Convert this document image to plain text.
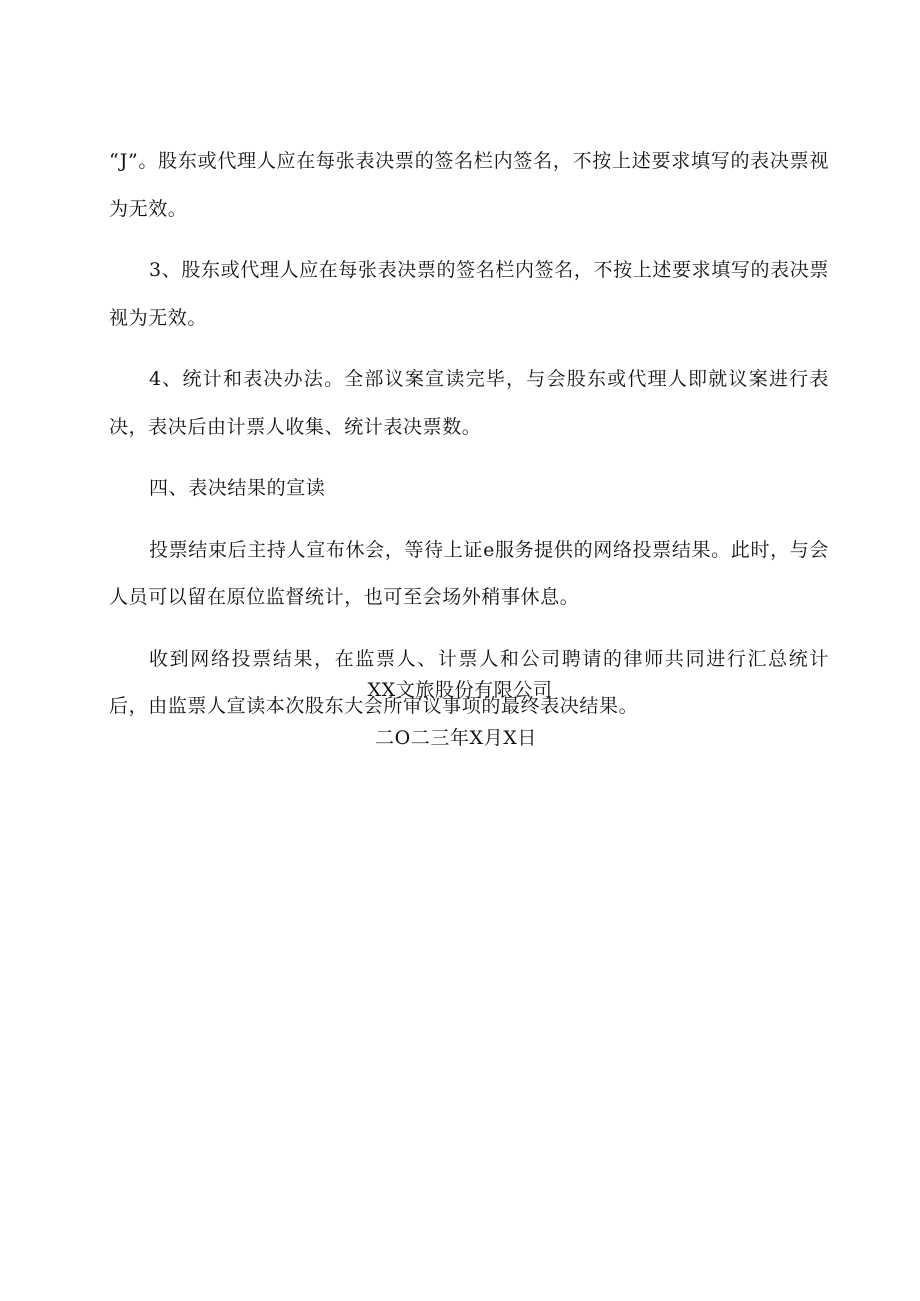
“J”。股东或代理人应在每张表决票的签名栏内签名，不按上述要求填写的表决票视为无效。

3、股东或代理人应在每张表决票的签名栏内签名，不按上述要求填写的表决票视为无效。

4、统计和表决办法。全部议案宣读完毕，与会股东或代理人即就议案进行表决，表决后由计票人收集、统计表决票数。

四、表决结果的宣读

投票结束后主持人宣布休会，等待上证e服务提供的网络投票结果。此时，与会人员可以留在原位监督统计，也可至会场外稍事休息。

收到网络投票结果，在监票人、计票人和公司聘请的律师共同进行汇总统计后，由监票人宣读本次股东大会所审议事项的最终表决结果。

XX文旅股份有限公司
二O二三年X月X日
